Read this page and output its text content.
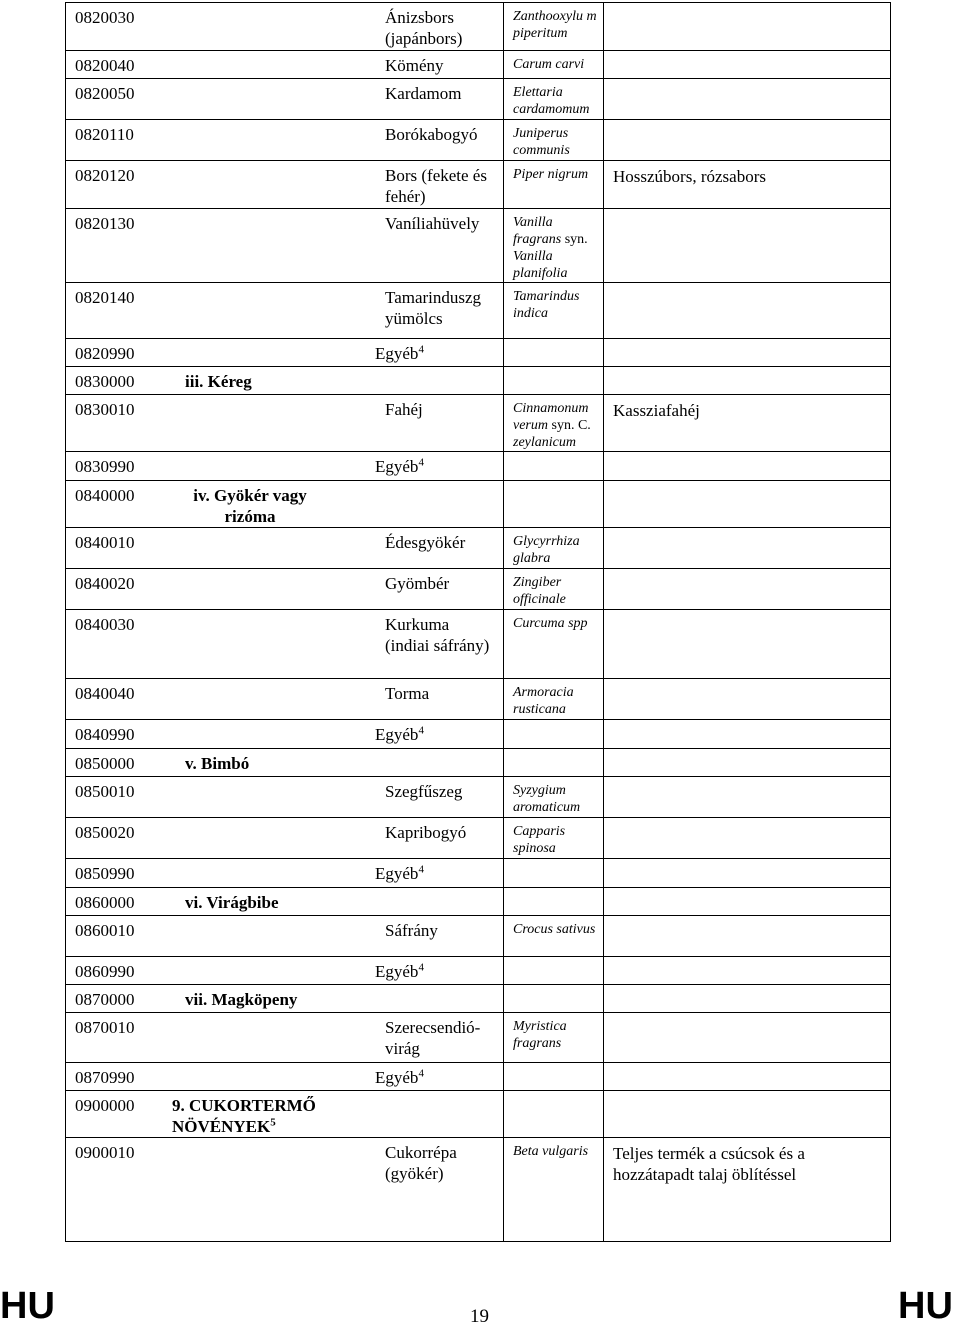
0820030 Ánizsbors (japánbors)	Zanthooxylu m piperitum	
0820040 Kömény	Carum carvi	
0820050 Kardamom	Elettaria cardamomum	
0820110 Borókabogyó	Juniperus communis	
0820120 Bors (fekete és fehér)	Piper nigrum	Hosszúbors, rózsabors
0820130 Vaníliahüvely	Vanilla fragrans syn. Vanilla planifolia	
0820140 Tamarinduszg yümölcs	Tamarindus indica	
0820990 Egyéb$^4$

0830000 iii. Kéreg		
0830010 Fahéj	Cinnamonum verum syn. C. zeylanicum	Kassziafahéj
0830990 Egyéb$^4$

0840000 iv. Gyökér vagy rizóma		
0840010 Édesgyökér	Glycyrrhiza glabra	
0840020 Gyömbér	Zingiber officinale	
0840030 Kurkuma (indiai sáfrány)	Curcuma spp	
0840040 Torma	Armoracia rusticana	
0840990 Egyéb$^4$

0850000 v. Bimbó		
0850010 Szegfűszeg	Syzygium aromaticum	
0850020 Kapribogyó	Capparis spinosa	
0850990 Egyéb$^4$

0860000 vi. Virágbibe		
0860010 Sáfrány	Crocus sativus	
0860990 Egyéb$^4$

0870000 vii. Magköpeny		
0870010 Szerecsendió-virág	Myristica fragrans	
0870990 Egyéb$^4$

0900000 9. CUKORTERMŐ NÖVÉNYEK$^5$		
0900010 Cukorrépa (gyökér)	Beta vulgaris	Teljes termék a csúcsok és a hozzátapadt talaj öblítéssel
HU	19	HU
